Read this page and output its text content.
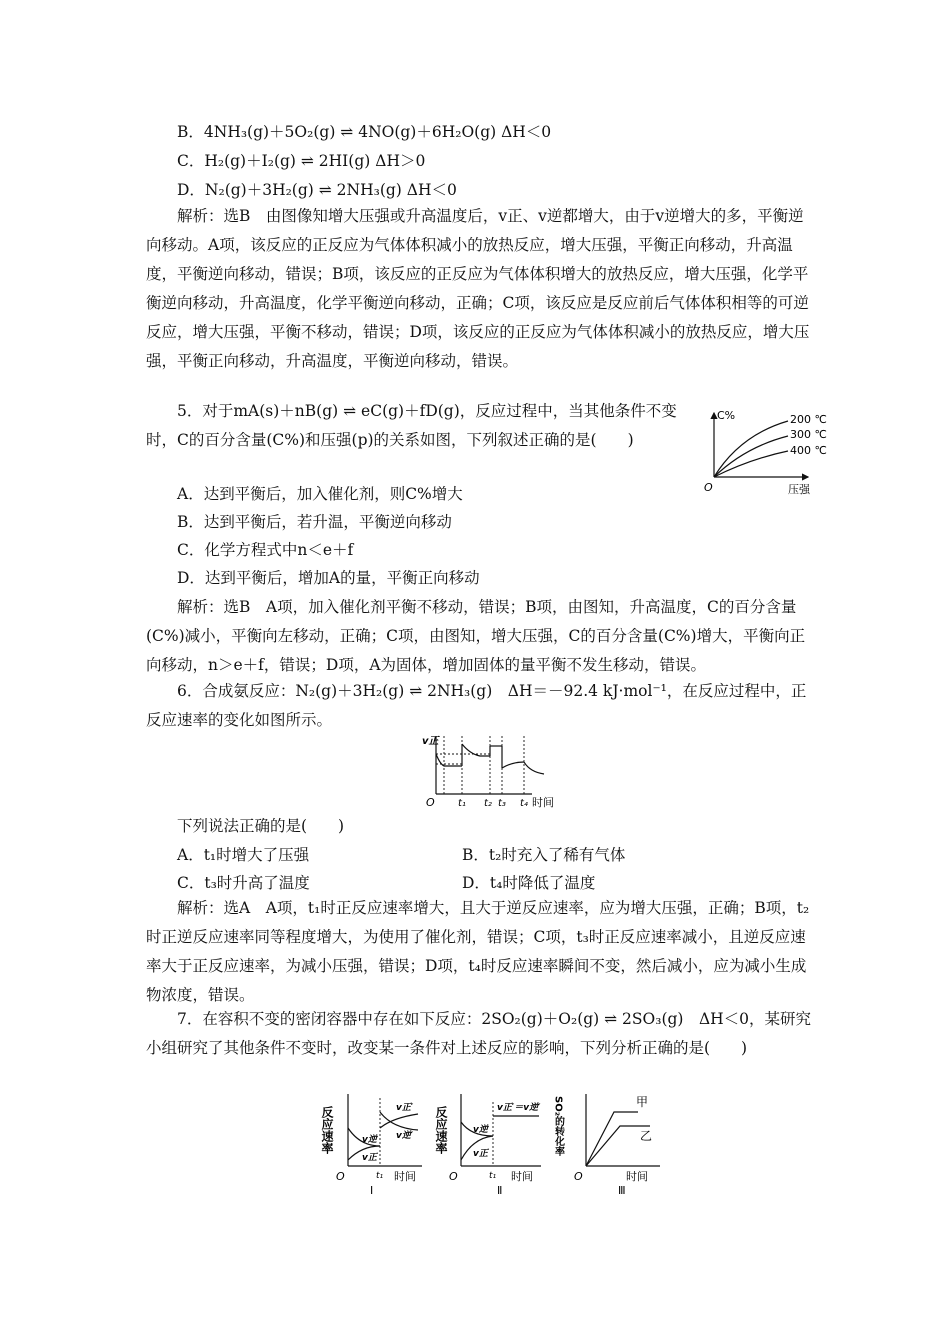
B．4NH₃(g)＋5O₂(g) ⇌ 4NO(g)＋6H₂O(g) ΔH＜0
C．H₂(g)＋I₂(g) ⇌ 2HI(g) ΔH＞0
D．N₂(g)＋3H₂(g) ⇌ 2NH₃(g) ΔH＜0
解析：选B　由图像知增大压强或升高温度后，v正、v逆都增大，由于v逆增大的多，平衡逆向移动。A项，该反应的正反应为气体体积减小的放热反应，增大压强，平衡正向移动，升高温度，平衡逆向移动，错误；B项，该反应的正反应为气体体积增大的放热反应，增大压强，化学平衡逆向移动，升高温度，化学平衡逆向移动，正确；C项，该反应是反应前后气体体积相等的可逆反应，增大压强，平衡不移动，错误；D项，该反应的正反应为气体体积减小的放热反应，增大压强，平衡正向移动，升高温度，平衡逆向移动，错误。
5．对于mA(s)＋nB(g) ⇌ eC(g)＋fD(g)，反应过程中，当其他条件不变时，C的百分含量(C%)和压强(p)的关系如图，下列叙述正确的是(　　)
C%	200 ℃
300 ℃
400 ℃
O	压强
A．达到平衡后，加入催化剂，则C%增大
B．达到平衡后，若升温，平衡逆向移动
C．化学方程式中n＜e＋f
D．达到平衡后，增加A的量，平衡正向移动
解析：选B　A项，加入催化剂平衡不移动，错误；B项，由图知，升高温度，C的百分含量(C%)减小，平衡向左移动，正确；C项，由图知，增大压强，C的百分含量(C%)增大，平衡向正向移动，n＞e＋f，错误；D项，A为固体，增加固体的量平衡不发生移动，错误。
6．合成氨反应：N₂(g)＋3H₂(g) ⇌ 2NH₃(g)　ΔH＝－92.4 kJ·mol⁻¹，在反应过程中，正反应速率的变化如图所示。
v正
O t₁ t₂ t₃ t₄ 时间
下列说法正确的是(　　)
A．t₁时增大了压强	B．t₂时充入了稀有气体
C．t₃时升高了温度	D．t₄时降低了温度
解析：选A　A项，t₁时正反应速率增大，且大于逆反应速率，应为增大压强，正确；B项，t₂时正逆反应速率同等程度增大，为使用了催化剂，错误；C项，t₃时正反应速率减小，且逆反应速率大于正反应速率，为减小压强，错误；D项，t₄时反应速率瞬间不变，然后减小，应为减小生成物浓度，错误。
7．在容积不变的密闭容器中存在如下反应：2SO₂(g)＋O₂(g) ⇌ 2SO₃(g)　ΔH＜0，某研究小组研究了其他条件不变时，改变某一条件对上述反应的影响，下列分析正确的是(　　)
反应速率	v正′
v逆′
v逆
v正
O	t₁ 时间
Ⅰ
反应速率	v正′＝v逆′
v逆
v正
O	t₁ 时间
Ⅱ
SO₂的转化率	甲
乙
O	时间
Ⅲ
